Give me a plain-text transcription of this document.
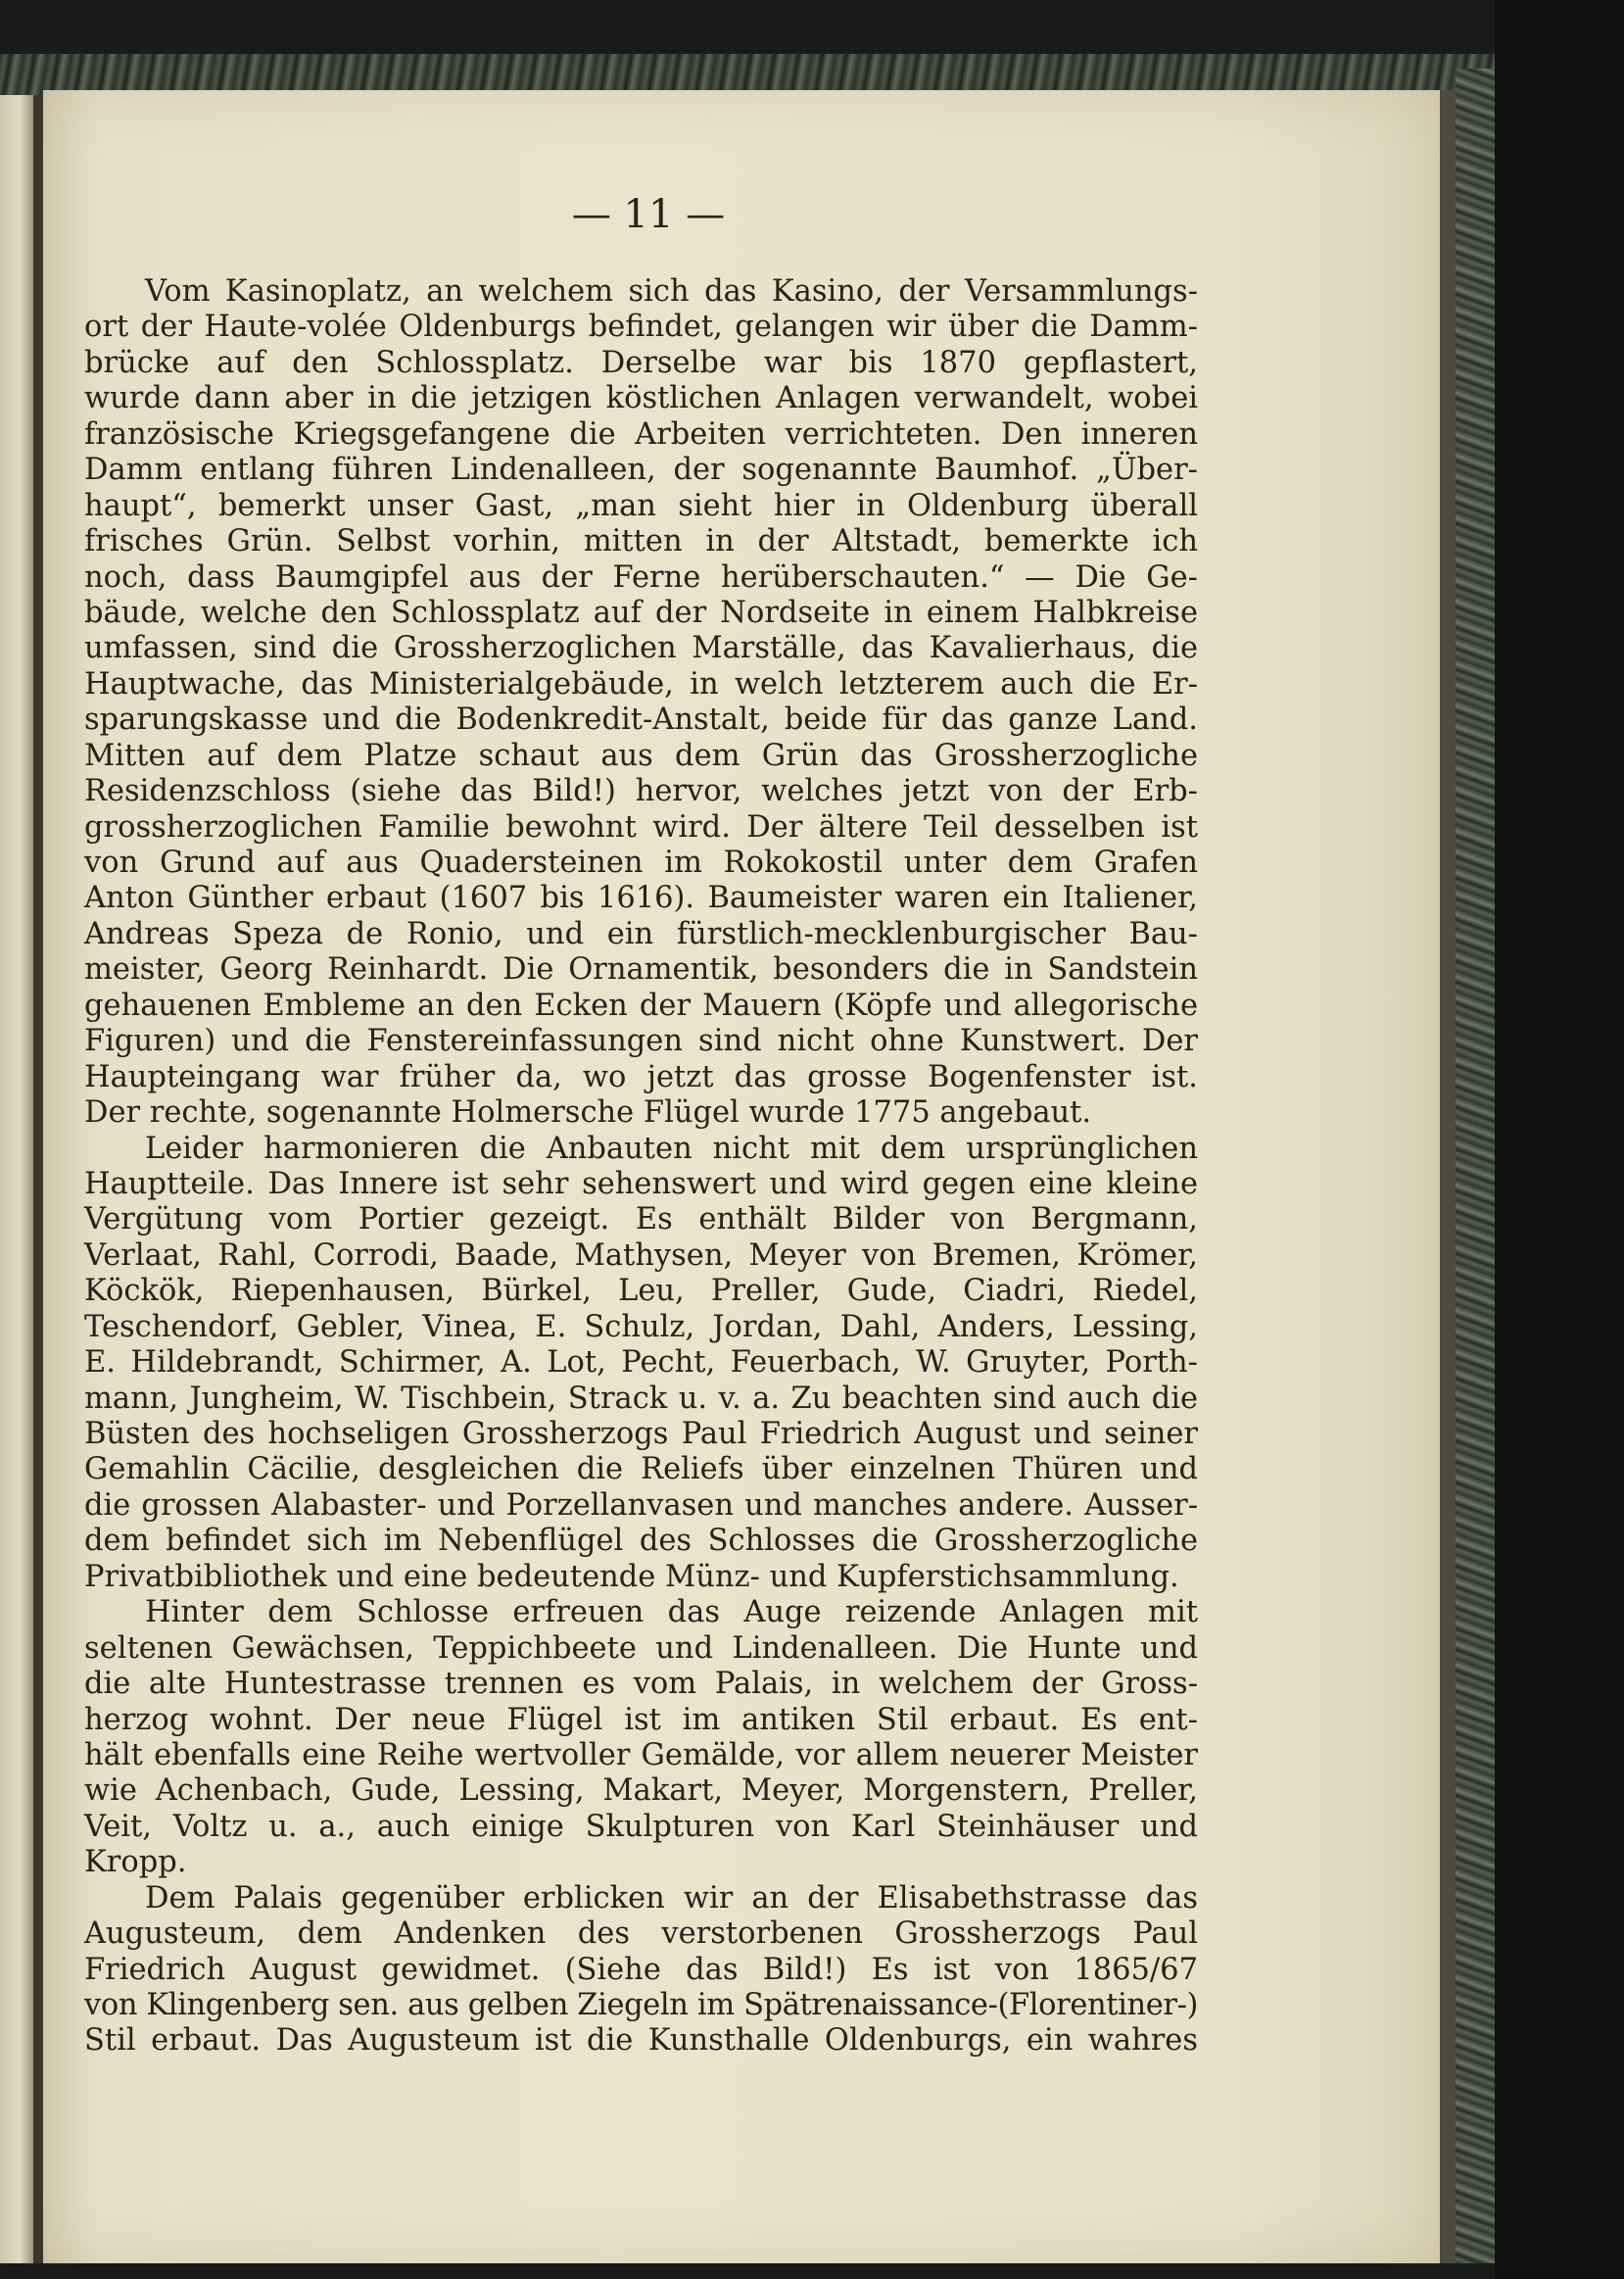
— 11 —
Vom Kasinoplatz, an welchem sich das Kasino, der Versammlungs-
ort der Haute-volée Oldenburgs befindet, gelangen wir über die Damm-
brücke auf den Schlossplatz. Derselbe war bis 1870 gepflastert,
wurde dann aber in die jetzigen köstlichen Anlagen verwandelt, wobei
französische Kriegsgefangene die Arbeiten verrichteten. Den inneren
Damm entlang führen Lindenalleen, der sogenannte Baumhof. „Über-
haupt“, bemerkt unser Gast, „man sieht hier in Oldenburg überall
frisches Grün. Selbst vorhin, mitten in der Altstadt, bemerkte ich
noch, dass Baumgipfel aus der Ferne herüberschauten.“ — Die Ge-
bäude, welche den Schlossplatz auf der Nordseite in einem Halbkreise
umfassen, sind die Grossherzoglichen Marställe, das Kavalierhaus, die
Hauptwache, das Ministerialgebäude, in welch letzterem auch die Er-
sparungskasse und die Bodenkredit-Anstalt, beide für das ganze Land.
Mitten auf dem Platze schaut aus dem Grün das Grossherzogliche
Residenzschloss (siehe das Bild!) hervor, welches jetzt von der Erb-
grossherzoglichen Familie bewohnt wird. Der ältere Teil desselben ist
von Grund auf aus Quadersteinen im Rokokostil unter dem Grafen
Anton Günther erbaut (1607 bis 1616). Baumeister waren ein Italiener,
Andreas Speza de Ronio, und ein fürstlich-mecklenburgischer Bau-
meister, Georg Reinhardt. Die Ornamentik, besonders die in Sandstein
gehauenen Embleme an den Ecken der Mauern (Köpfe und allegorische
Figuren) und die Fenstereinfassungen sind nicht ohne Kunstwert. Der
Haupteingang war früher da, wo jetzt das grosse Bogenfenster ist.
Der rechte, sogenannte Holmersche Flügel wurde 1775 angebaut.
Leider harmonieren die Anbauten nicht mit dem ursprünglichen
Hauptteile. Das Innere ist sehr sehenswert und wird gegen eine kleine
Vergütung vom Portier gezeigt. Es enthält Bilder von Bergmann,
Verlaat, Rahl, Corrodi, Baade, Mathysen, Meyer von Bremen, Krömer,
Köckök, Riepenhausen, Bürkel, Leu, Preller, Gude, Ciadri, Riedel,
Teschendorf, Gebler, Vinea, E. Schulz, Jordan, Dahl, Anders, Lessing,
E. Hildebrandt, Schirmer, A. Lot, Pecht, Feuerbach, W. Gruyter, Porth-
mann, Jungheim, W. Tischbein, Strack u. v. a. Zu beachten sind auch die
Büsten des hochseligen Grossherzogs Paul Friedrich August und seiner
Gemahlin Cäcilie, desgleichen die Reliefs über einzelnen Thüren und
die grossen Alabaster- und Porzellanvasen und manches andere. Ausser-
dem befindet sich im Nebenflügel des Schlosses die Grossherzogliche
Privatbibliothek und eine bedeutende Münz- und Kupferstichsammlung.
Hinter dem Schlosse erfreuen das Auge reizende Anlagen mit
seltenen Gewächsen, Teppichbeete und Lindenalleen. Die Hunte und
die alte Huntestrasse trennen es vom Palais, in welchem der Gross-
herzog wohnt. Der neue Flügel ist im antiken Stil erbaut. Es ent-
hält ebenfalls eine Reihe wertvoller Gemälde, vor allem neuerer Meister
wie Achenbach, Gude, Lessing, Makart, Meyer, Morgenstern, Preller,
Veit, Voltz u. a., auch einige Skulpturen von Karl Steinhäuser und
Kropp.
Dem Palais gegenüber erblicken wir an der Elisabethstrasse das
Augusteum, dem Andenken des verstorbenen Grossherzogs Paul
Friedrich August gewidmet. (Siehe das Bild!) Es ist von 1865/67
von Klingenberg sen. aus gelben Ziegeln im Spätrenaissance-(Florentiner-)
Stil erbaut. Das Augusteum ist die Kunsthalle Oldenburgs, ein wahres
